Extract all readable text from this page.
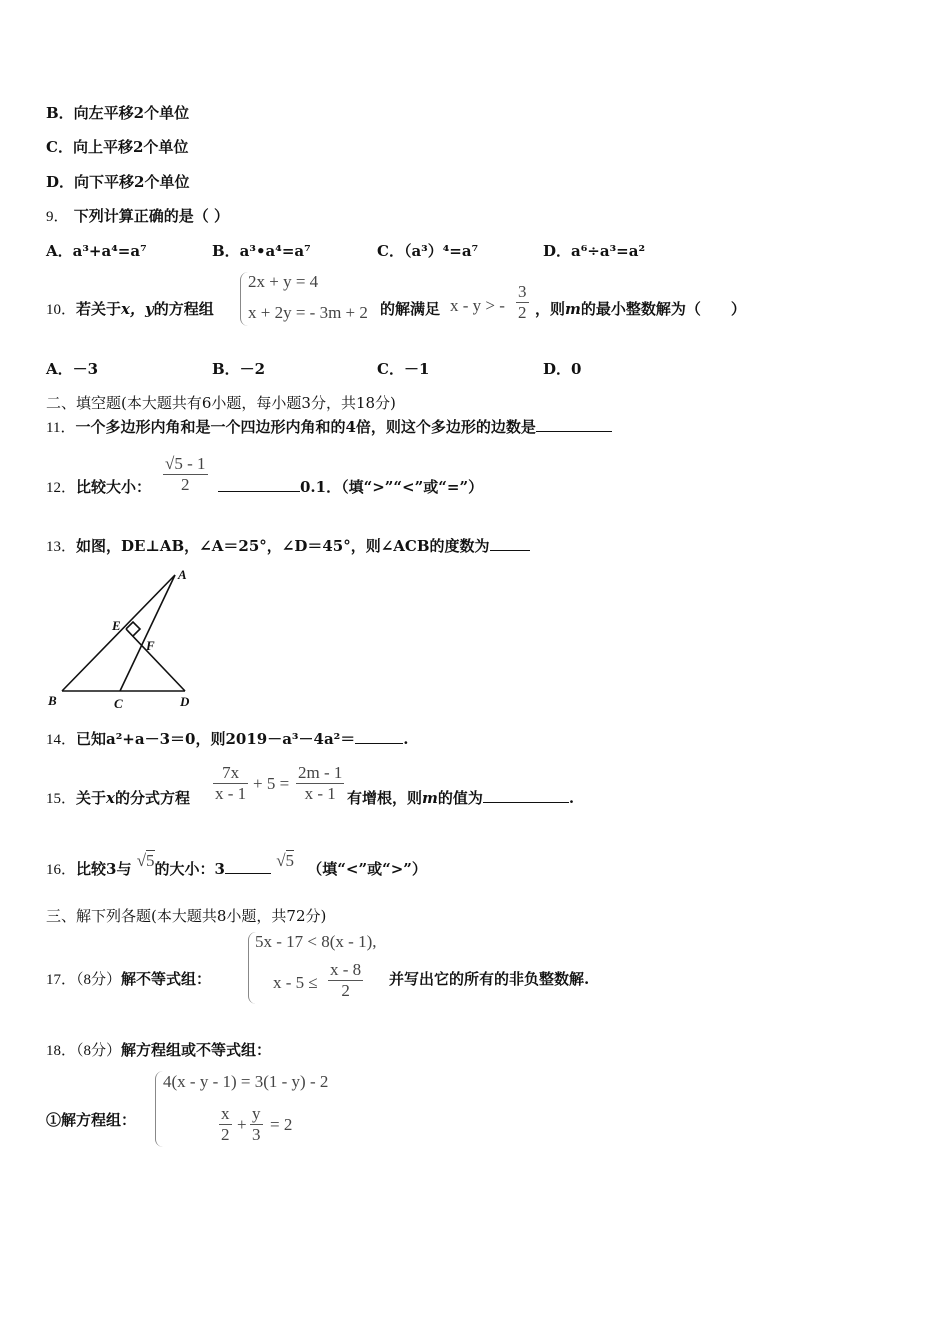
B．向左平移2个单位
C．向上平移2个单位
D．向下平移2个单位
9． 下列计算正确的是（ ）
A．a³+a⁴=a⁷	B．a³•a⁴=a⁷	C．（a³）⁴=a⁷	D．a⁶÷a³=a²
10．若关于x，y的方程组
2x + y = 4
x + 2y = - 3m + 2 的解满足 x - y > - $\frac{3}{2}$ ，则m的最小整数解为（　　）
A．－3	B．－2	C．－1	D．0
二、填空题(本大题共有6小题，每小题3分，共18分)
11．一个多边形内角和是一个四边形内角和的4倍，则这个多边形的边数是
12．比较大小： $\frac{√5 - 1}{2}$	0.1．（填“>”“<”或“=”）
13．如图，DE⊥AB，∠A＝25°，∠D＝45°，则∠ACB的度数为
A
B	C	D
E
F
14．已知a²+a－3＝0，则2019－a³－4a²＝	.
15．关于x的分式方程 $\frac{7x}{x - 1} + 5 = \frac{2m - 1}{x - 1}$ 有增根，则m的值为	.
16．比较3与 √5的大小：3	√5 （填“<”或“>”）
三、解下列各题(本大题共8小题，共72分)
17．（8分）解不等式组：
5x - 17 < 8(x - 1),
$x - 5 \le \frac{x - 8}{2}$ 并写出它的所有的非负整数解.
18．（8分）解方程组或不等式组：
①解方程组：
4(x - y - 1) = 3(1 - y) - 2
$\frac{x}{2} + \frac{y}{3} = 2$
